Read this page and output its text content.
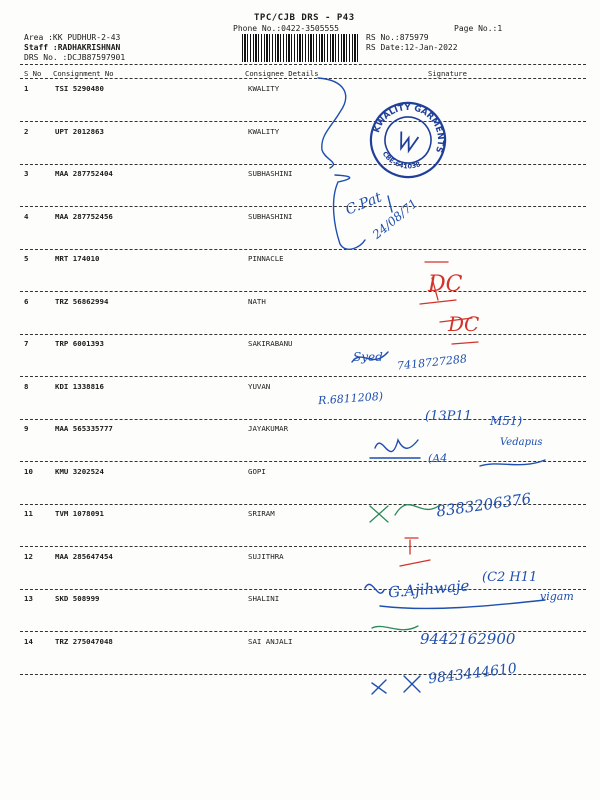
TPC/CJB DRS - P43
Phone No.:0422-3505555	Page No.:1
Area :KK PUDHUR-2-43
Staff :RADHAKRISHNAN
DRS No. :DCJB87597901
RS No.:875979
RS Date:12-Jan-2022
S No Consignment No	Consignee Details	Signature
1	TSI 5290480	KWALITY
2	UPT 2012863	KWALITY
3	MAA 287752404	SUBHASHINI
4	MAA 287752456	SUBHASHINI
5	MRT 174010	PINNACLE
6	TRZ 56862994	NATH
7	TRP 6001393	SAKIRABANU
8	KDI 1338816	YUVAN
9	MAA 565335777	JAYAKUMAR
10	KMU 3202524	GOPI
11	TVM 1078091	SRIRAM
12	MAA 285647454	SUJITHRA
13	SKD 508999	SHALINI
14	TRZ 275047048	SAI ANJALI
KWALITY GARMENTS
CBE-641038
C.Pat
24/08/71
DC
DC
Syed 7418727288
R.6811208)
(13P11 M51)
Vedapus
(A4
8383206376
(C2 H11
G.Ajihwaje	vigam
9442162900
9843444610
